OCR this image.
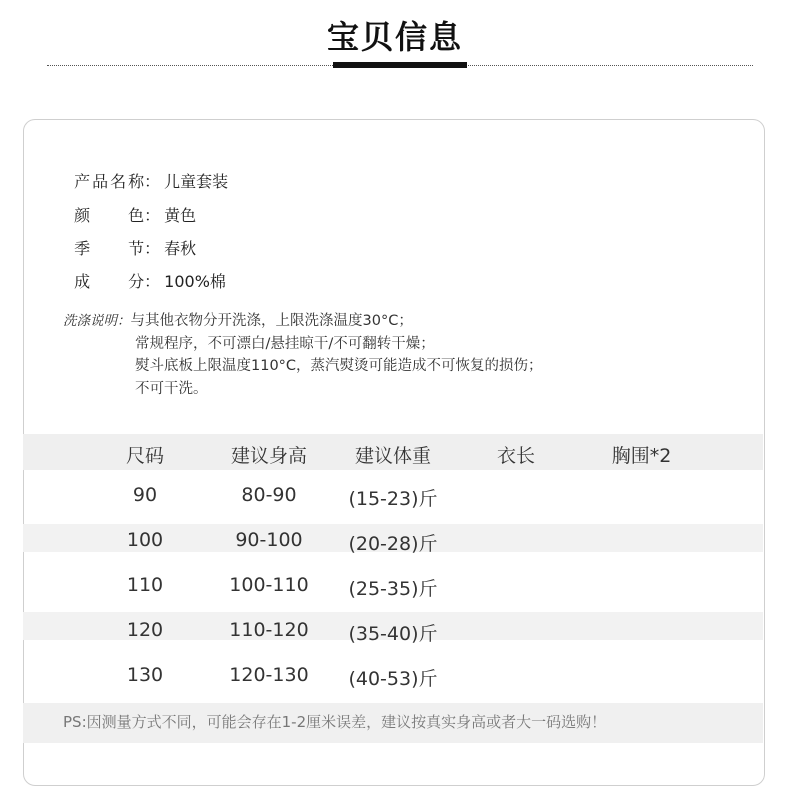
宝贝信息

产品名称： 儿童套装

颜色： 黄色

季节： 春秋

成分： 100%棉

洗涤说明：与其他衣物分开洗涤，上限洗涤温度30°C；
常规程序，不可漂白/悬挂晾干/不可翻转干燥；
熨斗底板上限温度110°C，蒸汽熨烫可能造成不可恢复的损伤；
不可干洗。
尺码	建议身高	建议体重	衣长	胸围*2
90	80-90	(15-23)斤
100	90-100	(20-28)斤
110	100-110	(25-35)斤
120	110-120	(35-40)斤
130	120-130	(40-53)斤
PS:因测量方式不同，可能会存在1-2厘米误差，建议按真实身高或者大一码选购！
